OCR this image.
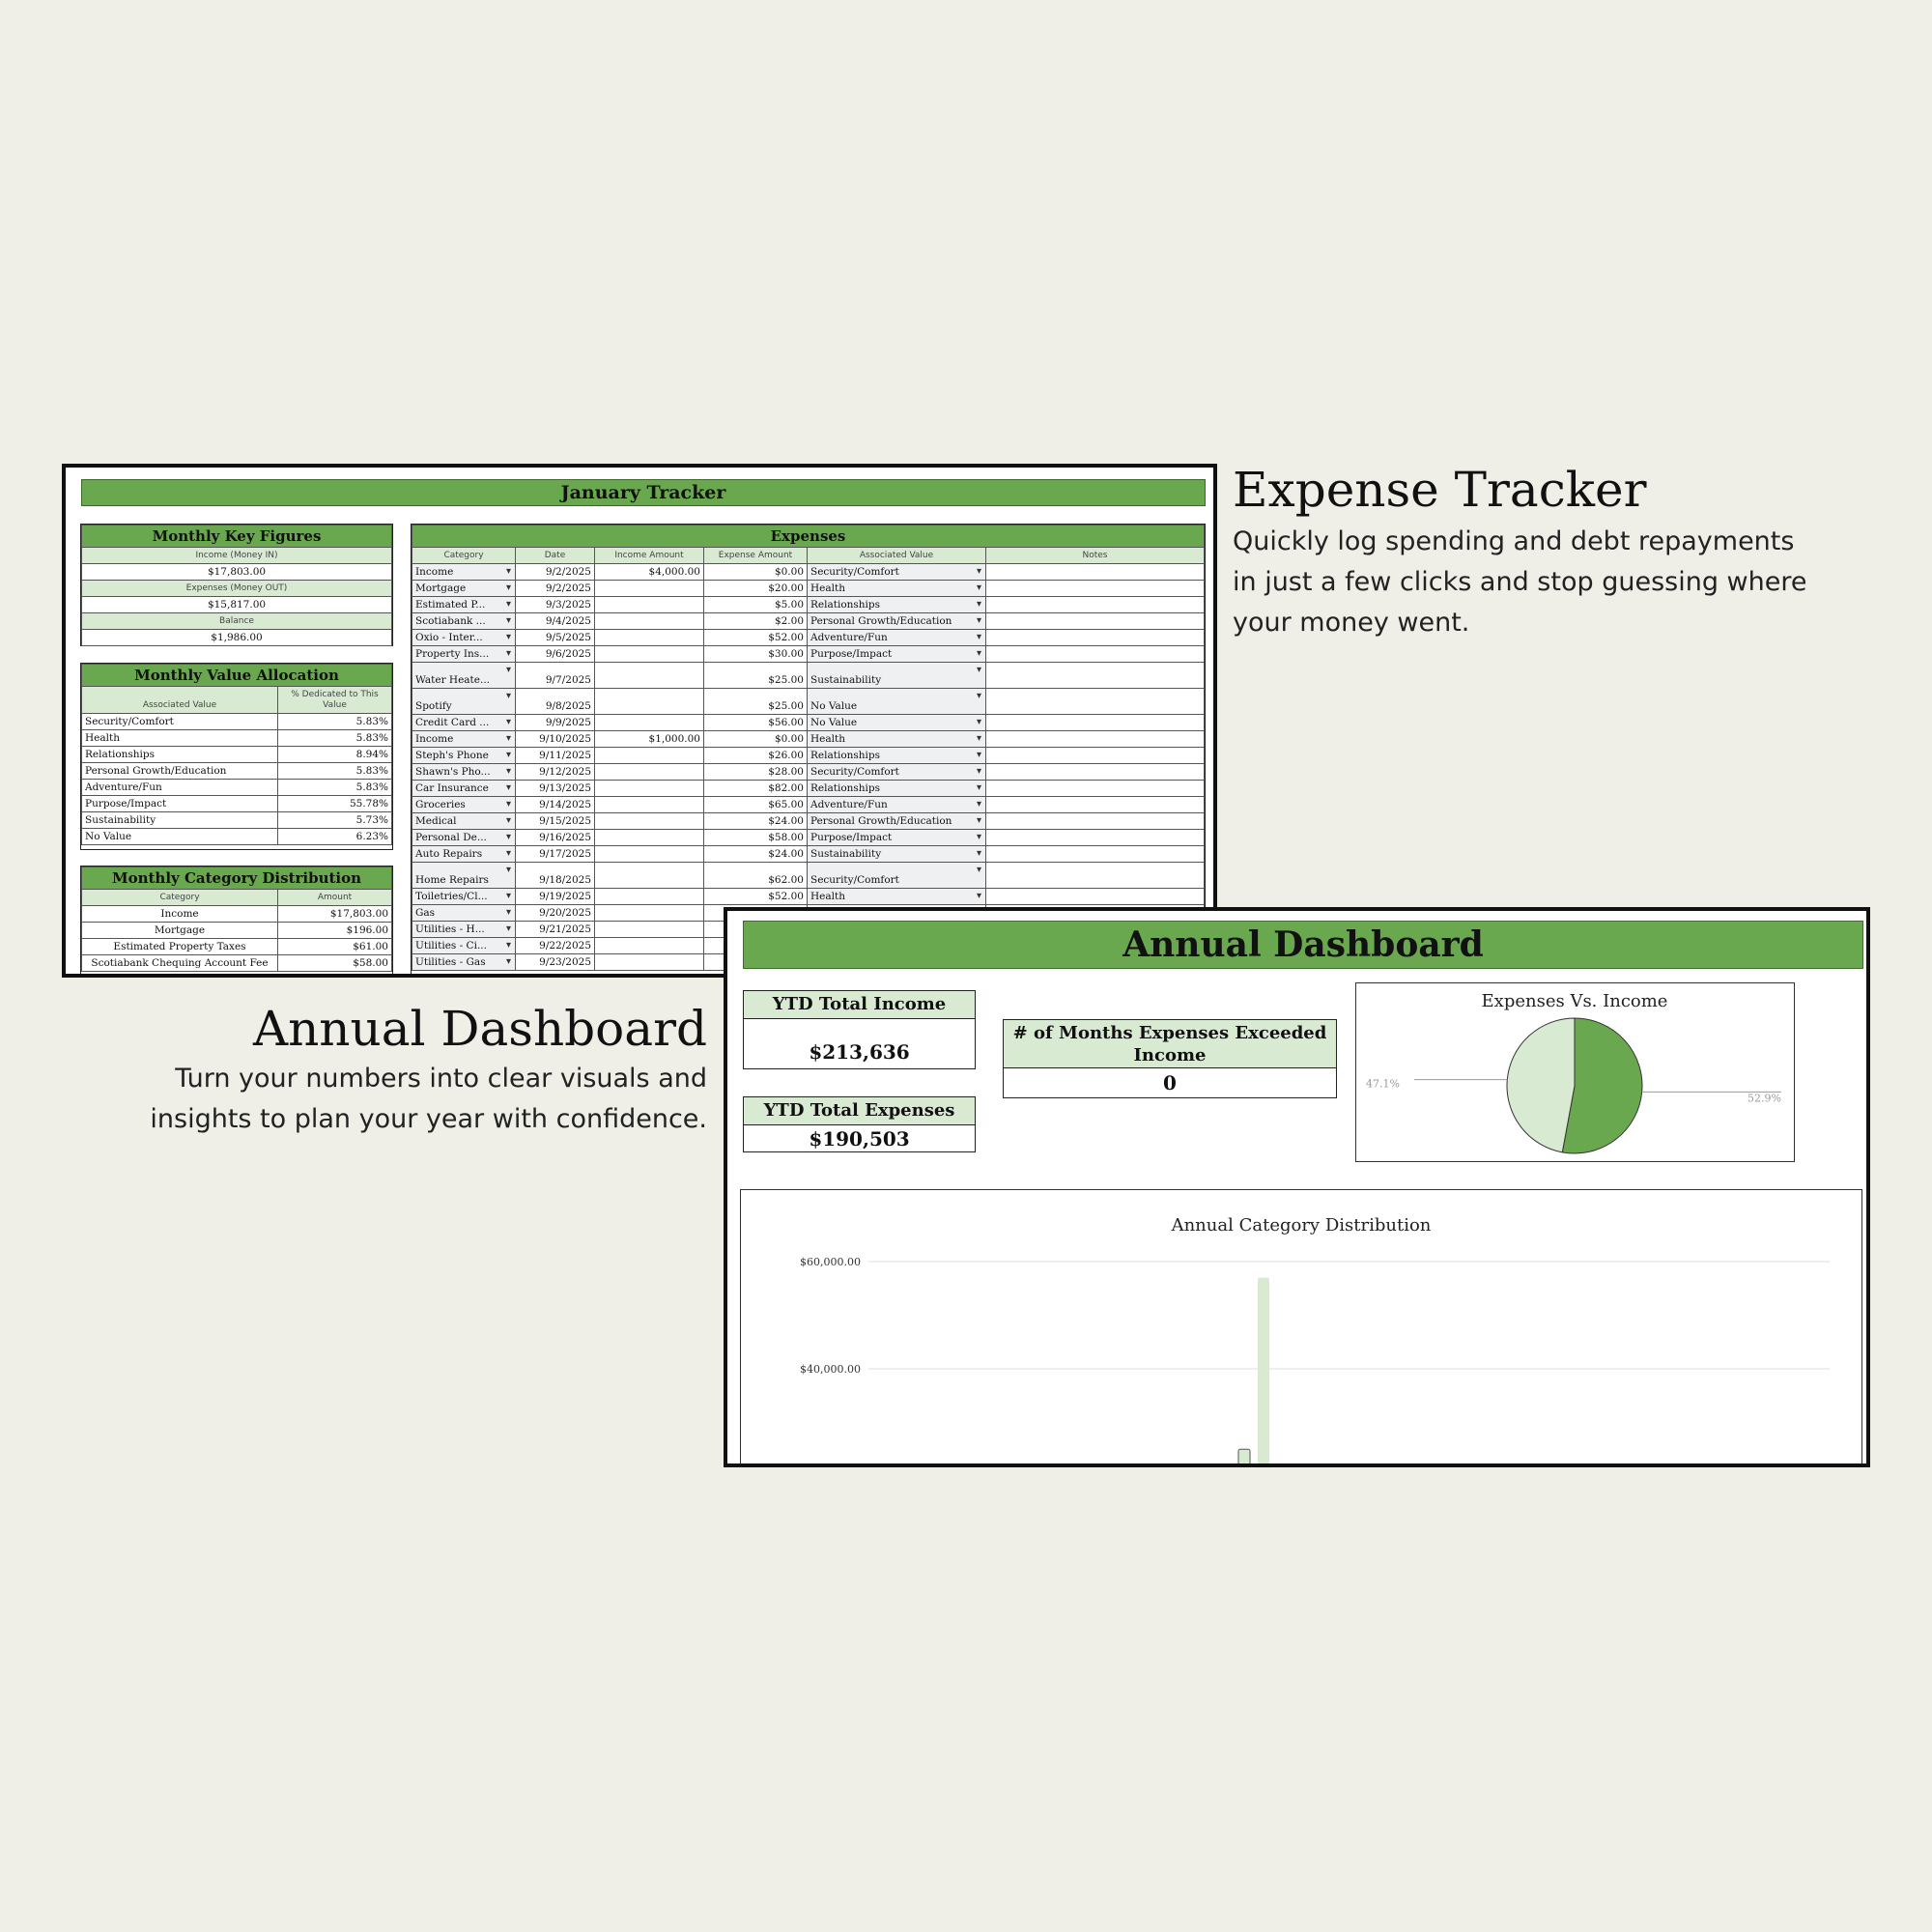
January Tracker
Monthly Key Figures
Income (Money IN)
$17,803.00
Expenses (Money OUT)
$15,817.00
Balance
$1,986.00
Monthly Value Allocation	
Associated Value	% Dedicated to This Value
Security/Comfort	5.83%
Health	5.83%
Relationships	8.94%
Personal Growth/Education	5.83%
Adventure/Fun	5.83%
Purpose/Impact	55.78%
Sustainability	5.73%
No Value	6.23%
Monthly Category Distribution	
Category	Amount
Income	$17,803.00
Mortgage	$196.00
Estimated Property Taxes	$61.00
Scotiabank Chequing Account Fee	$58.00
Expenses					
Category	Date	Income Amount	Expense Amount	Associated Value	Notes
Income ▾	9/2/2025	$4,000.00	$0.00	Security/Comfort ▾	
Mortgage ▾	9/2/2025		$20.00	Health ▾	
Estimated P... ▾	9/3/2025		$5.00	Relationships ▾	
Scotiabank ... ▾	9/4/2025		$2.00	Personal Growth/Education ▾	
Oxio - Inter... ▾	9/5/2025		$52.00	Adventure/Fun ▾	
Property Ins... ▾	9/6/2025		$30.00	Purpose/Impact ▾	
Water Heate... ▾	9/7/2025		$25.00	Sustainability ▾	
Spotify ▾	9/8/2025		$25.00	No Value ▾	
Credit Card ... ▾	9/9/2025		$56.00	No Value ▾	
Income ▾	9/10/2025	$1,000.00	$0.00	Health ▾	
Steph's Phone ▾	9/11/2025		$26.00	Relationships ▾	
Shawn's Pho... ▾	9/12/2025		$28.00	Security/Comfort ▾	
Car Insurance ▾	9/13/2025		$82.00	Relationships ▾	
Groceries ▾	9/14/2025		$65.00	Adventure/Fun ▾	
Medical ▾	9/15/2025		$24.00	Personal Growth/Education ▾	
Personal De... ▾	9/16/2025		$58.00	Purpose/Impact ▾	
Auto Repairs ▾	9/17/2025		$24.00	Sustainability ▾	
Home Repairs ▾	9/18/2025		$62.00	Security/Comfort ▾	
Toiletries/Cl... ▾	9/19/2025		$52.00	Health ▾	
Gas ▾	9/20/2025				
Utilities - H... ▾	9/21/2025				
Utilities - Ci... ▾	9/22/2025				
Utilities - Gas ▾	9/23/2025				
Expense Tracker
Quickly log spending and debt repayments in just a few clicks and stop guessing where your money went.
Annual Dashboard
Turn your numbers into clear visuals and insights to plan your year with confidence.
Annual Dashboard
YTD Total Income
$213,636
YTD Total Expenses
$190,503
# of Months Expenses Exceeded Income
0
Expenses Vs. Income
52.9%
47.1%
Annual Category Distribution
$60,000.00
$40,000.00
